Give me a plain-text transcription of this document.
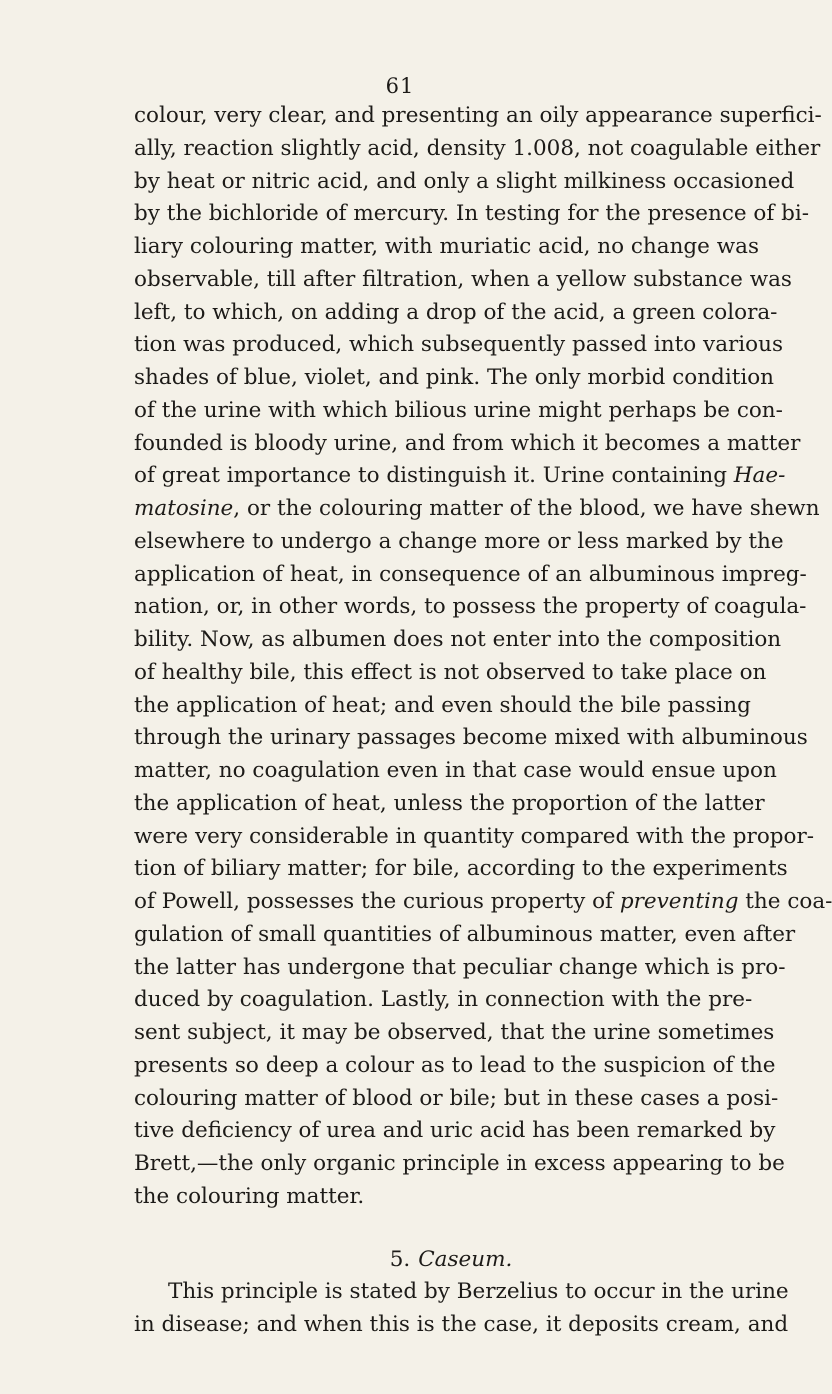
61
colour, very clear, and presenting an oily appearance superfici-
ally, reaction slightly acid, density 1.008, not coagulable either
by heat or nitric acid, and only a slight milkiness occasioned
by the bichloride of mercury. In testing for the presence of bi-
liary colouring matter, with muriatic acid, no change was
observable, till after filtration, when a yellow substance was
left, to which, on adding a drop of the acid, a green colora-
tion was produced, which subsequently passed into various
shades of blue, violet, and pink. The only morbid condition
of the urine with which bilious urine might perhaps be con-
founded is bloody urine, and from which it becomes a matter
of great importance to distinguish it. Urine containing Hae-
matosine, or the colouring matter of the blood, we have shewn
elsewhere to undergo a change more or less marked by the
application of heat, in consequence of an albuminous impreg-
nation, or, in other words, to possess the property of coagula-
bility. Now, as albumen does not enter into the composition
of healthy bile, this effect is not observed to take place on
the application of heat; and even should the bile passing
through the urinary passages become mixed with albuminous
matter, no coagulation even in that case would ensue upon
the application of heat, unless the proportion of the latter
were very considerable in quantity compared with the propor-
tion of biliary matter; for bile, according to the experiments
of Powell, possesses the curious property of preventing the coa-
gulation of small quantities of albuminous matter, even after
the latter has undergone that peculiar change which is pro-
duced by coagulation. Lastly, in connection with the pre-
sent subject, it may be observed, that the urine sometimes
presents so deep a colour as to lead to the suspicion of the
colouring matter of blood or bile; but in these cases a posi-
tive deficiency of urea and uric acid has been remarked by
Brett,—the only organic principle in excess appearing to be
the colouring matter.
5. Caseum.
This principle is stated by Berzelius to occur in the urine
in disease; and when this is the case, it deposits cream, and
